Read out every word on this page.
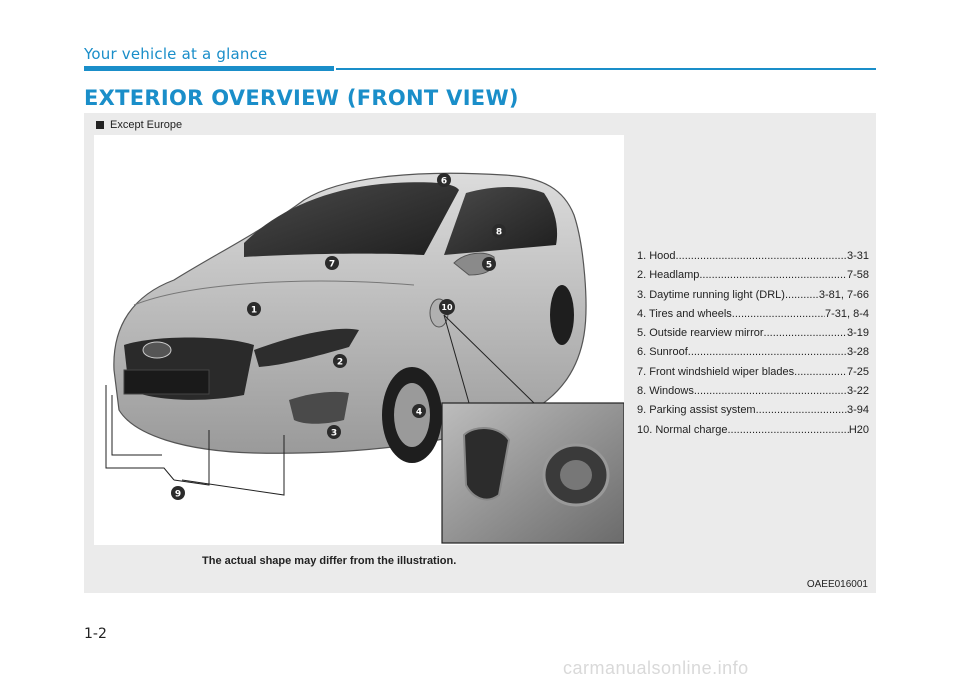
Your vehicle at a glance
EXTERIOR OVERVIEW (FRONT VIEW)
Except Europe
1
2
3
4
5
6
7
8
9
10
1. Hood .....	3-31
2. Headlamp .....	7-58
3. Daytime running light (DRL) .....	3-81, 7-66
4. Tires and wheels .....	7-31, 8-4
5. Outside rearview mirror .....	3-19
6. Sunroof .....	3-28
7. Front windshield wiper blades .....	7-25
8. Windows .....	3-22
9. Parking assist system .....	3-94
10. Normal charge .....	H20
The actual shape may differ from the illustration.
OAEE016001
1-2
carmanualsonline.info
